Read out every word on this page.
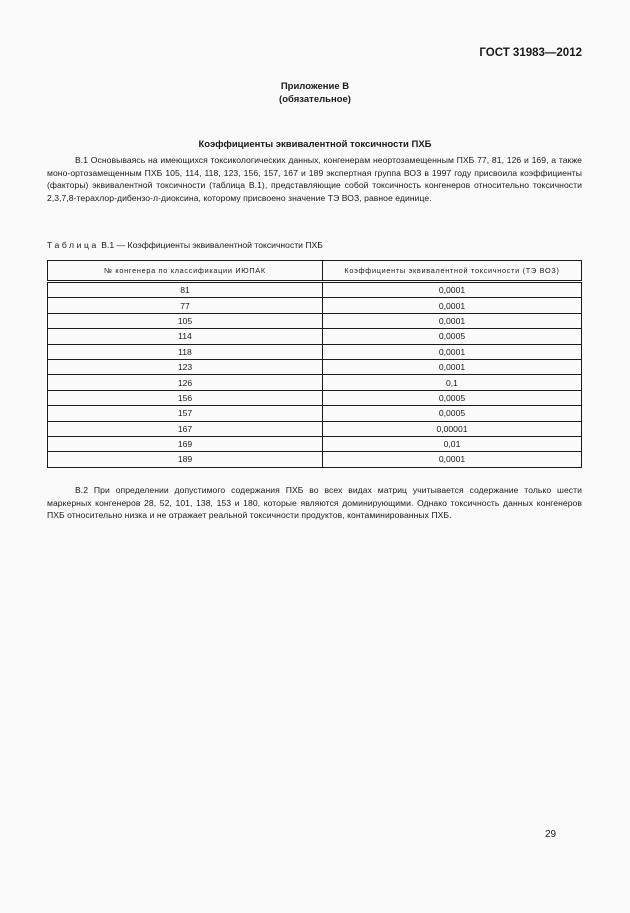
ГОСТ 31983—2012
Приложение В
(обязательное)
Коэффициенты эквивалентной токсичности ПХБ
В.1 Основываясь на имеющихся токсикологических данных, конгенерам неортозамещенным ПХБ 77, 81, 126 и 169, а также моно-ортозамещенным ПХБ 105, 114, 118, 123, 156, 157, 167 и 189 экспертная группа ВОЗ в 1997 году присвоила коэффициенты (факторы) эквивалентной токсичности (таблица В.1), представляющие собой токсичность конгенеров относительно токсичности 2,3,7,8-терахлор-дибензо-л-диоксина, которому присвоено значение ТЭ ВОЗ, равное единице.
Таблица В.1 — Коэффициенты эквивалентной токсичности ПХБ
№ конгенера по классификации ИЮПАК	Коэффициенты эквивалентной токсичности (ТЭ ВОЗ)
81	0,0001
77	0,0001
105	0,0001
114	0,0005
118	0,0001
123	0,0001
126	0,1
156	0,0005
157	0,0005
167	0,00001
169	0,01
189	0,0001
В.2 При определении допустимого содержания ПХБ во всех видах матриц учитывается содержание только шести маркерных конгенеров 28, 52, 101, 138, 153 и 180, которые являются доминирующими. Однако токсичность данных конгенеров ПХБ относительно низка и не отражает реальной токсичности продуктов, контаминированных ПХБ.
29
